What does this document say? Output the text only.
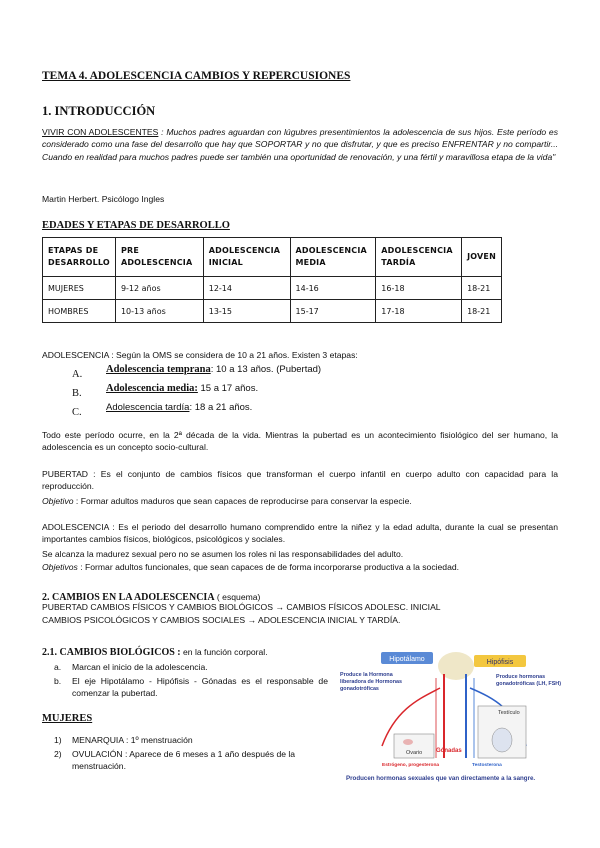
TEMA 4. ADOLESCENCIA CAMBIOS Y REPERCUSIONES
1. INTRODUCCIÓN
VIVIR CON ADOLESCENTES : Muchos padres aguardan con lúgubres presentimientos la adolescencia de sus hijos. Este período es considerado como una fase del desarrollo que hay que SOPORTAR y no que disfrutar, y que es preciso ENFRENTAR y no compartir... Cuando en realidad para muchos padres puede ser también una oportunidad de renovación, y una fértil y maravillosa etapa de la vida"
Martin Herbert. Psicólogo Ingles
EDADES Y ETAPAS DE DESARROLLO
ETAPAS DE DESARROLLO	PRE ADOLESCENCIA	ADOLESCENCIA INICIAL	ADOLESCENCIA MEDIA	ADOLESCENCIA TARDÍA	JOVEN
MUJERES	9-12 años	12-14	14-16	16-18	18-21
HOMBRES	10-13 años	13-15	15-17	17-18	18-21
ADOLESCENCIA : Según la OMS se considera de 10 a 21 años. Existen 3 etapas:
A. Adolescencia temprana: 10 a 13 años. (Pubertad)
B. Adolescencia media: 15 a 17 años.
C.	Adolescencia tardía: 18 a 21 años.
Todo este período ocurre, en la 2ª década de la vida. Mientras la pubertad es un acontecimiento fisiológico del ser humano, la adolescencia es un concepto socio-cultural.
PUBERTAD : Es el conjunto de cambios físicos que transforman el cuerpo infantil en cuerpo adulto con capacidad para la reproducción.
Objetivo : Formar adultos maduros que sean capaces de reproducirse para conservar la especie.
ADOLESCENCIA : Es el periodo del desarrollo humano comprendido entre la niñez y la edad adulta, durante la cual se presentan importantes cambios físicos, biológicos, psicológicos y sociales.
Se alcanza la madurez sexual pero no se asumen los roles ni las responsabilidades del adulto.
Objetivos : Formar adultos funcionales, que sean capaces de de forma incorporarse productiva a la sociedad.
2. CAMBIOS EN LA ADOLESCENCIA ( esquema)
PUBERTAD CAMBIOS FÍSICOS Y CAMBIOS BIOLÓGICOS → CAMBIOS FÍSICOS ADOLESC. INICIAL
CAMBIOS PSICOLÓGICOS Y CAMBIOS SOCIALES → ADOLESCENCIA INICIAL Y TARDÍA.
2.1. CAMBIOS BIOLÓGICOS : en la función corporal.
a. Marcan el inicio de la adolescencia.
b. El eje Hipotálamo - Hipófisis - Gónadas es el responsable de comenzar la pubertad.
MUJERES
1) MENARQUIA : 1º menstruación
2) OVULACIÓN : Aparece de 6 meses a 1 año después de la menstruación.
Hipotálamo	Hipófisis
Produce la Hormona
liberadora de Hormonas
gonadotróficas
Produce hormonas
gonadotróficas (LH, FSH)
Ovario
Testículo
Gónadas
Estrógeno, progesterona	Testosterona
Producen hormonas sexuales que van directamente a la sangre.
